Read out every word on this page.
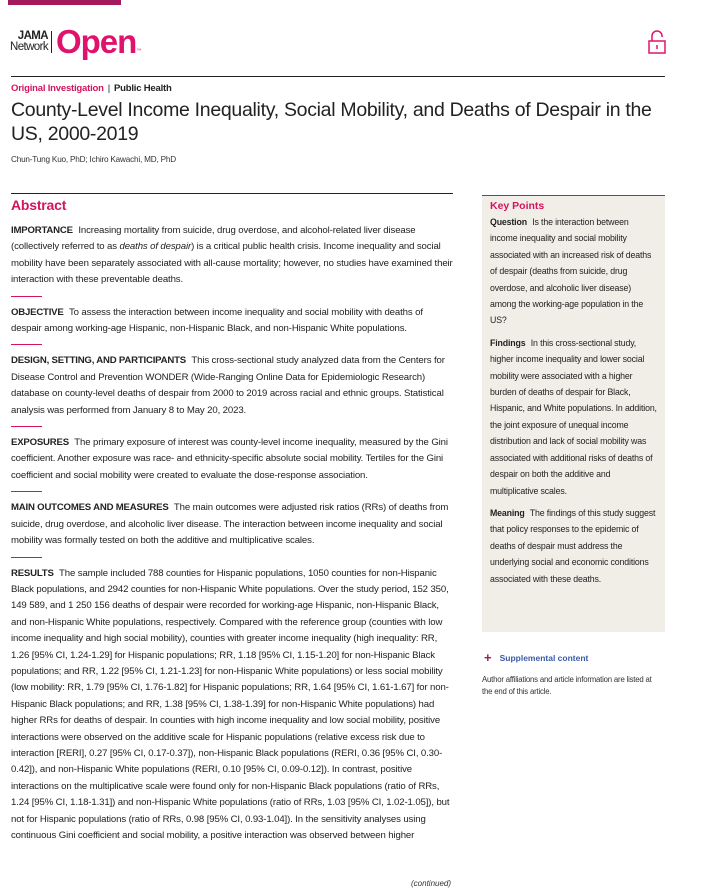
JAMA
Network Open ™
Original Investigation | Public Health
County-Level Income Inequality, Social Mobility, and Deaths of Despair in the US, 2000-2019
Chun-Tung Kuo, PhD; Ichiro Kawachi, MD, PhD
Abstract

IMPORTANCE Increasing mortality from suicide, drug overdose, and alcohol-related liver disease (collectively referred to as deaths of despair) is a critical public health crisis. Income inequality and social mobility have been separately associated with all-cause mortality; however, no studies have examined their interaction with these preventable deaths.

OBJECTIVE To assess the interaction between income inequality and social mobility with deaths of despair among working-age Hispanic, non-Hispanic Black, and non-Hispanic White populations.

DESIGN, SETTING, AND PARTICIPANTS This cross-sectional study analyzed data from the Centers for Disease Control and Prevention WONDER (Wide-Ranging Online Data for Epidemiologic Research) database on county-level deaths of despair from 2000 to 2019 across racial and ethnic groups. Statistical analysis was performed from January 8 to May 20, 2023.

EXPOSURES The primary exposure of interest was county-level income inequality, measured by the Gini coefficient. Another exposure was race- and ethnicity-specific absolute social mobility. Tertiles for the Gini coefficient and social mobility were created to evaluate the dose-response association.

MAIN OUTCOMES AND MEASURES The main outcomes were adjusted risk ratios (RRs) of deaths from suicide, drug overdose, and alcoholic liver disease. The interaction between income inequality and social mobility was formally tested on both the additive and multiplicative scales.

RESULTS The sample included 788 counties for Hispanic populations, 1050 counties for non-Hispanic Black populations, and 2942 counties for non-Hispanic White populations. Over the study period, 152 350, 149 589, and 1 250 156 deaths of despair were recorded for working-age Hispanic, non-Hispanic Black, and non-Hispanic White populations, respectively. Compared with the reference group (counties with low income inequality and high social mobility), counties with greater income inequality (high inequality: RR, 1.26 [95% CI, 1.24-1.29] for Hispanic populations; RR, 1.18 [95% CI, 1.15-1.20] for non-Hispanic Black populations; and RR, 1.22 [95% CI, 1.21-1.23] for non-Hispanic White populations) or less social mobility (low mobility: RR, 1.79 [95% CI, 1.76-1.82] for Hispanic populations; RR, 1.64 [95% CI, 1.61-1.67] for non-Hispanic Black populations; and RR, 1.38 [95% CI, 1.38-1.39] for non-Hispanic White populations) had higher RRs for deaths of despair. In counties with high income inequality and low social mobility, positive interactions were observed on the additive scale for Hispanic populations (relative excess risk due to interaction [RERI], 0.27 [95% CI, 0.17-0.37]), non-Hispanic Black populations (RERI, 0.36 [95% CI, 0.30-0.42]), and non-Hispanic White populations (RERI, 0.10 [95% CI, 0.09-0.12]). In contrast, positive interactions on the multiplicative scale were found only for non-Hispanic Black populations (ratio of RRs, 1.24 [95% CI, 1.18-1.31]) and non-Hispanic White populations (ratio of RRs, 1.03 [95% CI, 1.02-1.05]), but not for Hispanic populations (ratio of RRs, 0.98 [95% CI, 0.93-1.04]). In the sensitivity analyses using continuous Gini coefficient and social mobility, a positive interaction was observed between higher

(continued)
Key Points

Question Is the interaction between income inequality and social mobility associated with an increased risk of deaths of despair (deaths from suicide, drug overdose, and alcoholic liver disease) among the working-age population in the US?

Findings In this cross-sectional study, higher income inequality and lower social mobility were associated with a higher burden of deaths of despair for Black, Hispanic, and White populations. In addition, the joint exposure of unequal income distribution and lack of social mobility was associated with additional risks of deaths of despair on both the additive and multiplicative scales.

Meaning The findings of this study suggest that policy responses to the epidemic of deaths of despair must address the underlying social and economic conditions associated with these deaths.

+ Supplemental content
Author affiliations and article information are listed at the end of this article.
